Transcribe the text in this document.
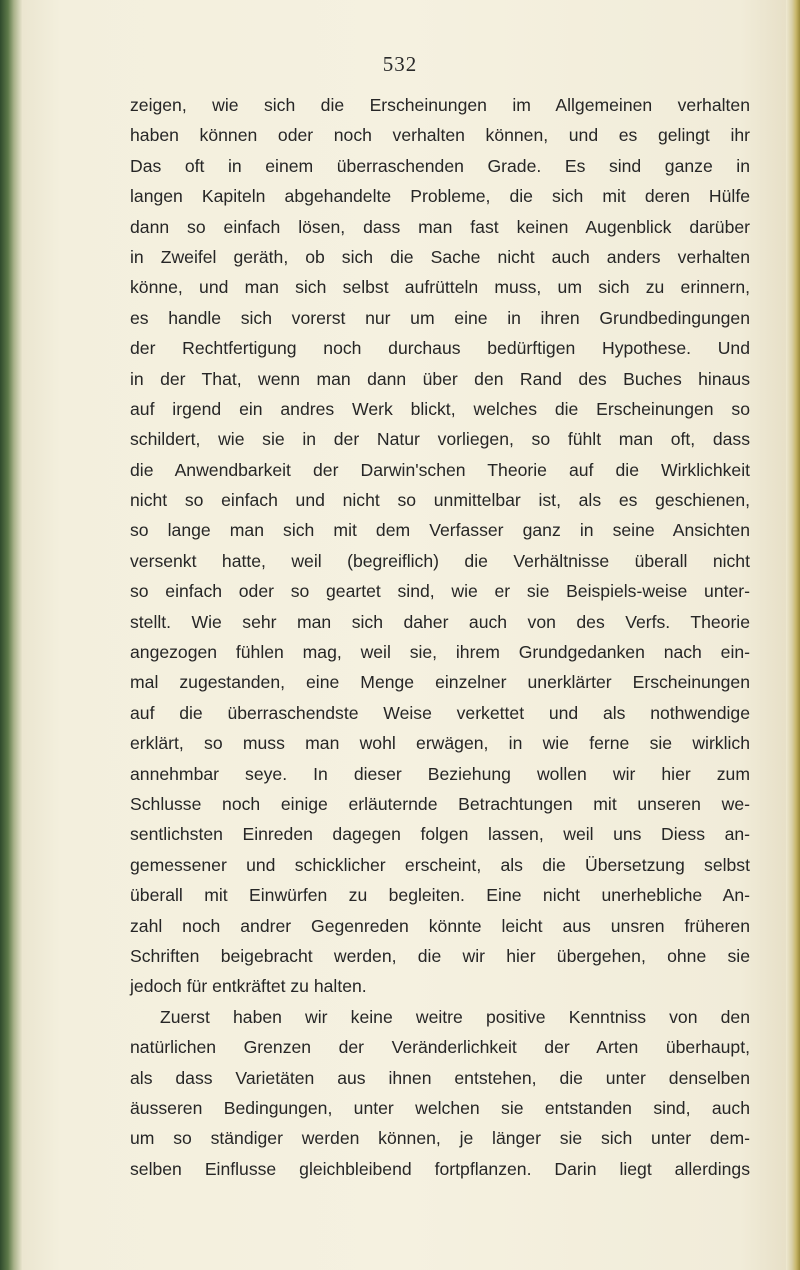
532
zeigen, wie sich die Erscheinungen im Allgemeinen verhalten
haben können oder noch verhalten können, und es gelingt ihr
Das oft in einem überraschenden Grade. Es sind ganze in
langen Kapiteln abgehandelte Probleme, die sich mit deren Hülfe
dann so einfach lösen, dass man fast keinen Augenblick darüber
in Zweifel geräth, ob sich die Sache nicht auch anders verhalten
könne, und man sich selbst aufrütteln muss, um sich zu erinnern,
es handle sich vorerst nur um eine in ihren Grundbedingungen
der Rechtfertigung noch durchaus bedürftigen Hypothese. Und
in der That, wenn man dann über den Rand des Buches hinaus
auf irgend ein andres Werk blickt, welches die Erscheinungen so
schildert, wie sie in der Natur vorliegen, so fühlt man oft, dass
die Anwendbarkeit der Darwin'schen Theorie auf die Wirklichkeit
nicht so einfach und nicht so unmittelbar ist, als es geschienen,
so lange man sich mit dem Verfasser ganz in seine Ansichten
versenkt hatte, weil (begreiflich) die Verhältnisse überall nicht
so einfach oder so geartet sind, wie er sie Beispiels-weise unter-
stellt. Wie sehr man sich daher auch von des Verfs. Theorie
angezogen fühlen mag, weil sie, ihrem Grundgedanken nach ein-
mal zugestanden, eine Menge einzelner unerklärter Erscheinungen
auf die überraschendste Weise verkettet und als nothwendige
erklärt, so muss man wohl erwägen, in wie ferne sie wirklich
annehmbar seye. In dieser Beziehung wollen wir hier zum
Schlusse noch einige erläuternde Betrachtungen mit unseren we-
sentlichsten Einreden dagegen folgen lassen, weil uns Diess an-
gemessener und schicklicher erscheint, als die Übersetzung selbst
überall mit Einwürfen zu begleiten. Eine nicht unerhebliche An-
zahl noch andrer Gegenreden könnte leicht aus unsren früheren
Schriften beigebracht werden, die wir hier übergehen, ohne sie
jedoch für entkräftet zu halten.
Zuerst haben wir keine weitre positive Kenntniss von den
natürlichen Grenzen der Veränderlichkeit der Arten überhaupt,
als dass Varietäten aus ihnen entstehen, die unter denselben
äusseren Bedingungen, unter welchen sie entstanden sind, auch
um so ständiger werden können, je länger sie sich unter dem-
selben Einflusse gleichbleibend fortpflanzen. Darin liegt allerdings
